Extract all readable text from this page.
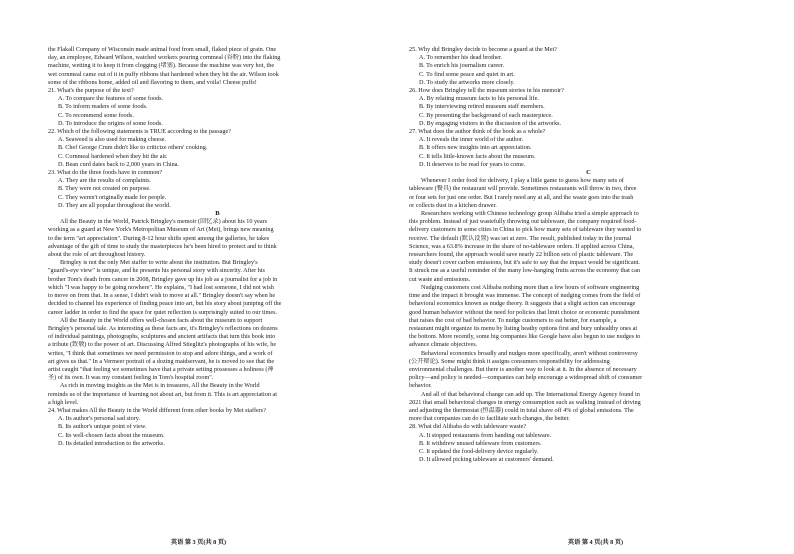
the Flakall Company of Wisconsin made animal food from small, flaked piece of grain. One
day, an employee, Edward Wilson, watched workers pouring cornmeal (谷粉) into the flaking
machine, wetting it to keep it from clogging (堵塞). Because the machine was very hot, the
wet cornmeal came out of it in puffy ribbons that hardened when they hit the air. Wilson took
some of the ribbons home, added oil and flavoring to them, and voila! Cheese puffs!
21. What's the purpose of the text?
A. To compare the features of some foods.
B. To inform readers of some foods.
C. To recommend some foods.
D. To introduce the origins of some foods.
22. Which of the following statements is TRUE according to the passage?
A. Seaweed is also used for making cheese.
B. Chef George Crum didn't like to criticize others' cooking.
C. Cornmeal hardened when they hit the air.
D. Bean curd dates back to 2,000 years in China.
23. What do the three foods have in common?
A. They are the results of complaints.
B. They were not created on purpose.
C. They weren't originally made for people.
D. They are all popular throughout the world.
B
All the Beauty in the World, Patrick Bringley's memoir (回忆录) about his 10 years
working as a guard at New York's Metropolitan Museum of Art (Met), brings new meaning
to the term "art appreciation". During 8-12 hour shifts spent among the galleries, he takes
advantage of the gift of time to study the masterpieces he's been hired to protect and to think
about the role of art throughout history.
Bringley is not the only Met staffer to write about the institution. But Bringley's
"guard's-eye view" is unique, and he presents his personal story with sincerity. After his
brother Tom's death from cancer in 2008, Bringley gave up his job as a journalist for a job in
which "I was happy to be going nowhere". He explains, "I had lost someone, I did not wish
to move on from that. In a sense, I didn't wish to move at all." Bringley doesn't say when he
decided to channel his experience of finding peace into art, but his story about jumping off the
career ladder in order to find the space for quiet reflection is surprisingly suited to our times.
All the Beauty in the World offers well-chosen facts about the museum to support
Bringley's personal tale. As interesting as these facts are, it's Bringley's reflections on dozens
of individual paintings, photographs, sculptures and ancient artifacts that turn this book into
a tribute (致敬) to the power of art. Discussing Alfred Stieglitz's photographs of his wife, he
writes, "I think that sometimes we need permission to stop and adore things, and a work of
art gives us that." In a Vermeer portrait of a dozing maidservant, he is moved to see that the
artist caught "that feeling we sometimes have that a private setting possesses a holiness (神
圣) of its own. It was my constant feeling in Tom's hospital room".
As rich in moving insights as the Met is in treasures, All the Beauty in the World
reminds us of the importance of learning not about art, but from it. This is art appreciation at
a high level.
24. What makes All the Beauty in the World different from other books by Met staffers?
A. Its author's personal sad story.
B. Its author's unique point of view.
C. Its well-chosen facts about the museum.
D. Its detailed introduction to the artworks.
英语 第 3 页(共 8 页)
25. Why did Bringley decide to become a guard at the Met?
A. To remember his dead brother.
B. To enrich his journalism career.
C. To find some peace and quiet in art.
D. To study the artworks more closely.
26. How does Bringley tell the museum stories in his memoir?
A. By relating museum facts to his personal life.
B. By interviewing retired museum staff members.
C. By presenting the background of each masterpiece.
D. By engaging visitors in the discussion of the artworks.
27. What does the author think of the book as a whole?
A. It reveals the inner world of the author.
B. It offers new insights into art appreciation.
C. It tells little-known facts about the museum.
D. It deserves to be read for years to come.
C
Whenever I order food for delivery, I play a little game to guess how many sets of
tableware (餐具) the restaurant will provide. Sometimes restaurants will throw in two, three
or four sets for just one order. But I rarely need any at all, and the waste goes into the trash
or collects dust in a kitchen drawer.
Researchers working with Chinese technology group Alibaba tried a simple approach to
this problem. Instead of just wastefully throwing out tableware, the company required food-
delivery customers in some cities in China to pick how many sets of tableware they wanted to
receive. The default (默认设置) was set at zero. The result, published today in the journal
Science, was a 63.8% increase in the share of no-tableware orders. If applied across China,
researchers found, the approach would save nearly 22 billion sets of plastic tableware. The
study doesn't cover carbon emissions, but it's safe to say that the impact would be significant.
It struck me as a useful reminder of the many low-hanging fruits across the economy that can
cut waste and emissions.
Nudging customers cost Alibaba nothing more than a few hours of software engineering
time and the impact it brought was immense. The concept of nudging comes from the field of
behavioral economics known as nudge theory. It suggests that a slight action can encourage
good human behavior without the need for policies that limit choice or economic punishment
that raises the cost of bad behavior. To nudge customers to eat better, for example, a
restaurant might organize its menu by listing heathy options first and bury unhealthy ones at
the bottom. More recently, some big companies like Google have also begun to use nudges to
advance climate objectives.
Behavioral economics broadly and nudges more specifically, aren't without controversy
(公开辩论). Some might think it assigns consumers responsibility for addressing
environmental challenges. But there is another way to look at it. In the absence of necessary
policy—and policy is needed—companies can help encourage a widespread shift of consumer
behavior.
And all of that behavioral change can add up. The International Energy Agency found in
2021 that small behavioral changes in energy consumption such as walking instead of driving
and adjusting the thermostat (恒温器) could in total shave off 4% of global emissions. The
more that companies can do to facilitate such changes, the better.
28. What did Alibaba do with tableware waste?
A. It stopped restaurants from handing out tableware.
B. It withdrew unused tableware from customers.
C. It updated the food-delivery device regularly.
D. It allowed picking tableware at customers' demand.
英语 第 4 页(共 8 页)
